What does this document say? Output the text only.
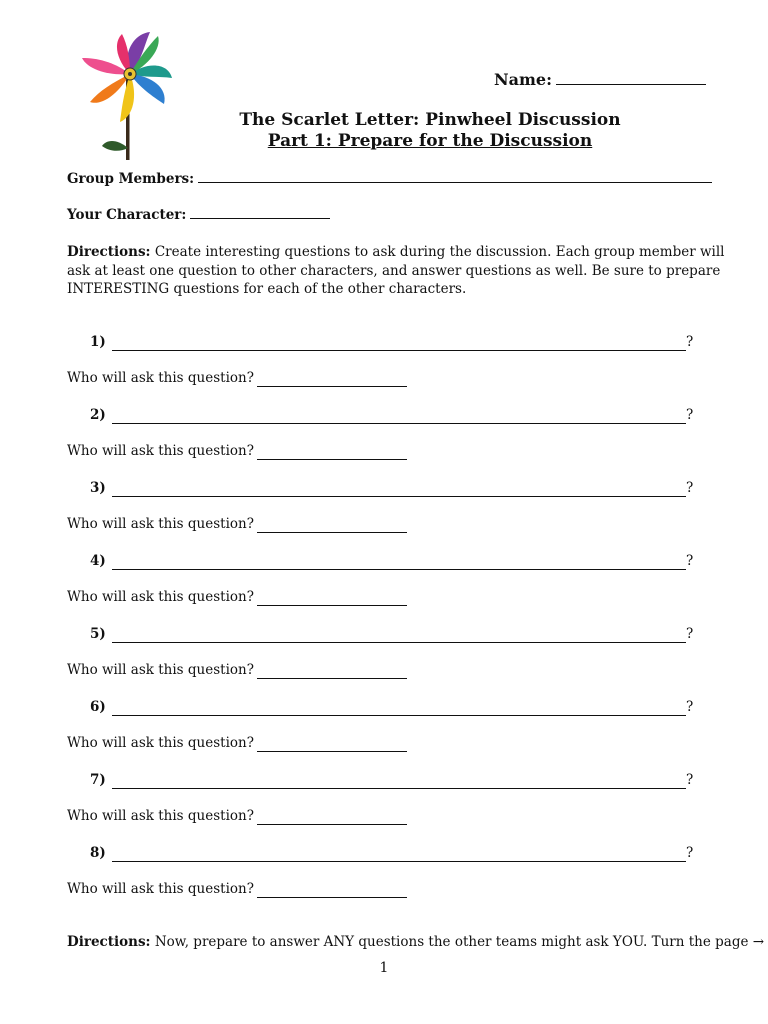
Name:
The Scarlet Letter: Pinwheel Discussion
Part 1: Prepare for the Discussion
Group Members:
Your Character:
Directions: Create interesting questions to ask during the discussion. Each group member will ask at least one question to other characters, and answer questions as well. Be sure to prepare INTERESTING questions for each of the other characters.
1)	?
Who will ask this question?
2)	?
Who will ask this question?
3)	?
Who will ask this question?
4)	?
Who will ask this question?
5)	?
Who will ask this question?
6)	?
Who will ask this question?
7)	?
Who will ask this question?
8)	?
Who will ask this question?
Directions: Now, prepare to answer ANY questions the other teams might ask YOU. Turn the page →
1
